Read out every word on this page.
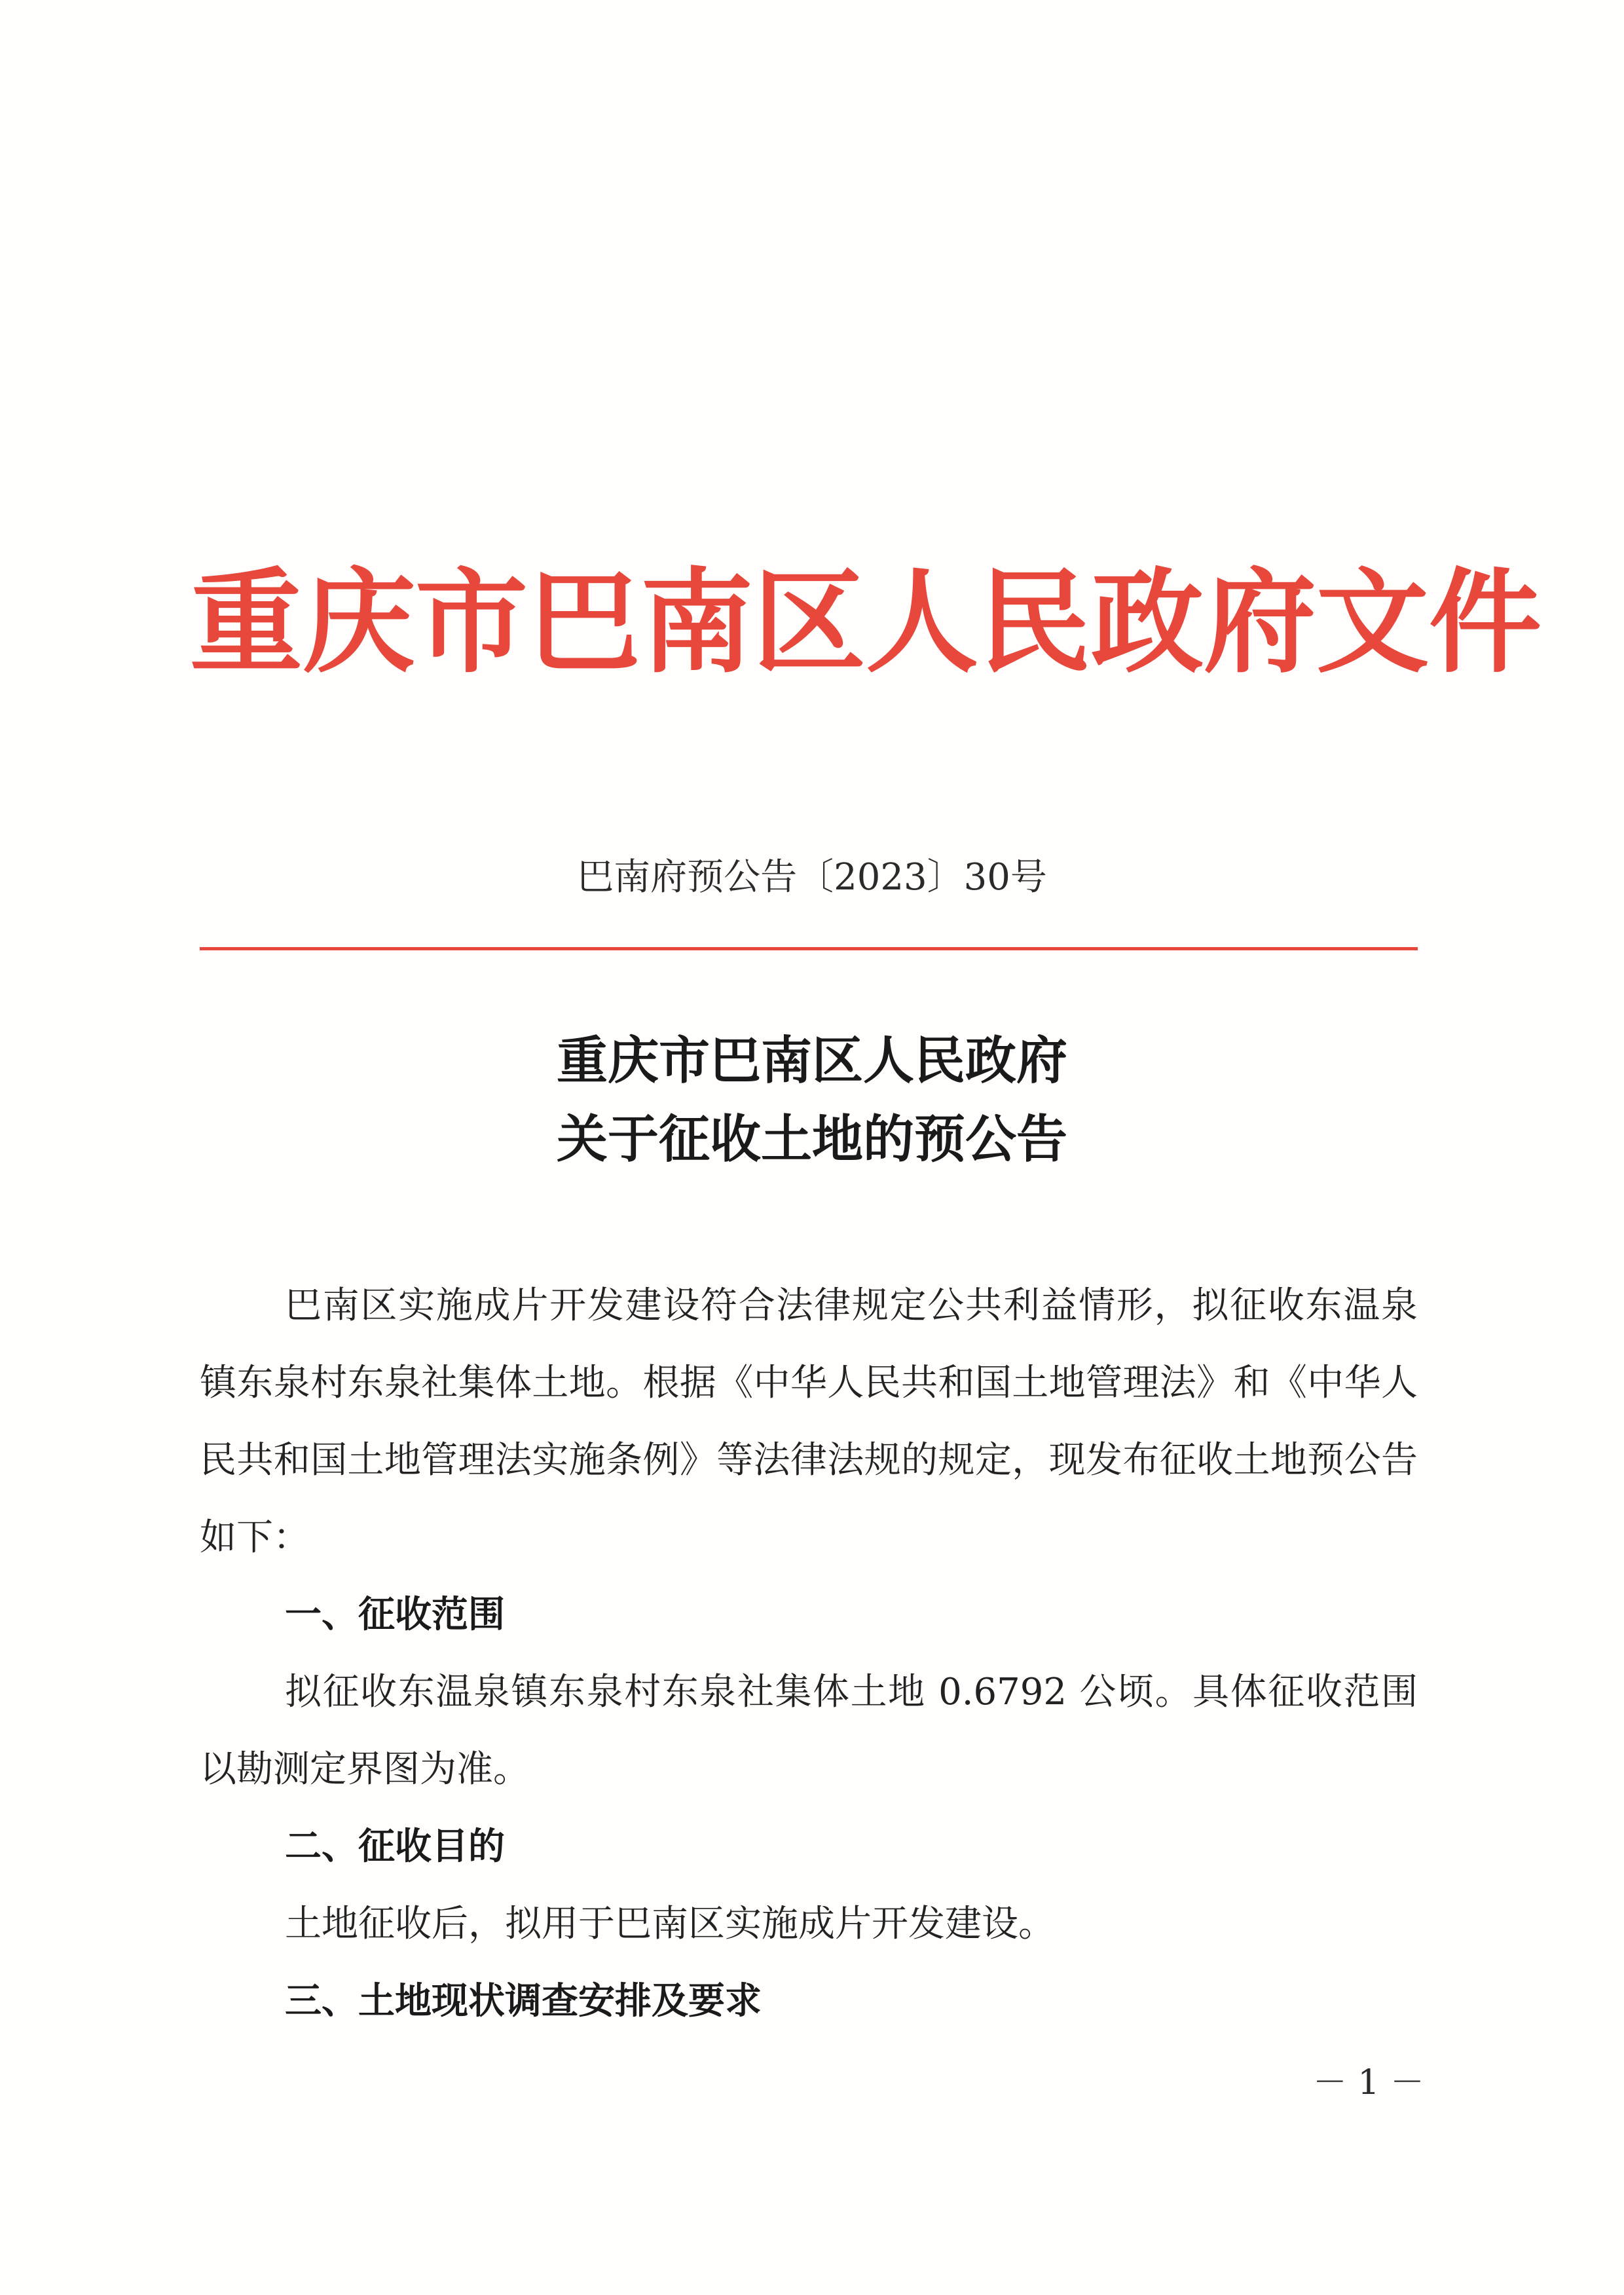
重庆市巴南区人民政府文件
巴南府预公告〔2023〕30号
重庆市巴南区人民政府
关于征收土地的预公告

巴南区实施成片开发建设符合法律规定公共利益情形，拟征收东温泉镇东泉村东泉社集体土地。根据《中华人民共和国土地管理法》和《中华人民共和国土地管理法实施条例》等法律法规的规定，现发布征收土地预公告如下：

一、征收范围

拟征收东温泉镇东泉村东泉社集体土地 0.6792 公顷。具体征收范围以勘测定界图为准。

二、征收目的

土地征收后，拟用于巴南区实施成片开发建设。

三、土地现状调查安排及要求

－ 1 －
